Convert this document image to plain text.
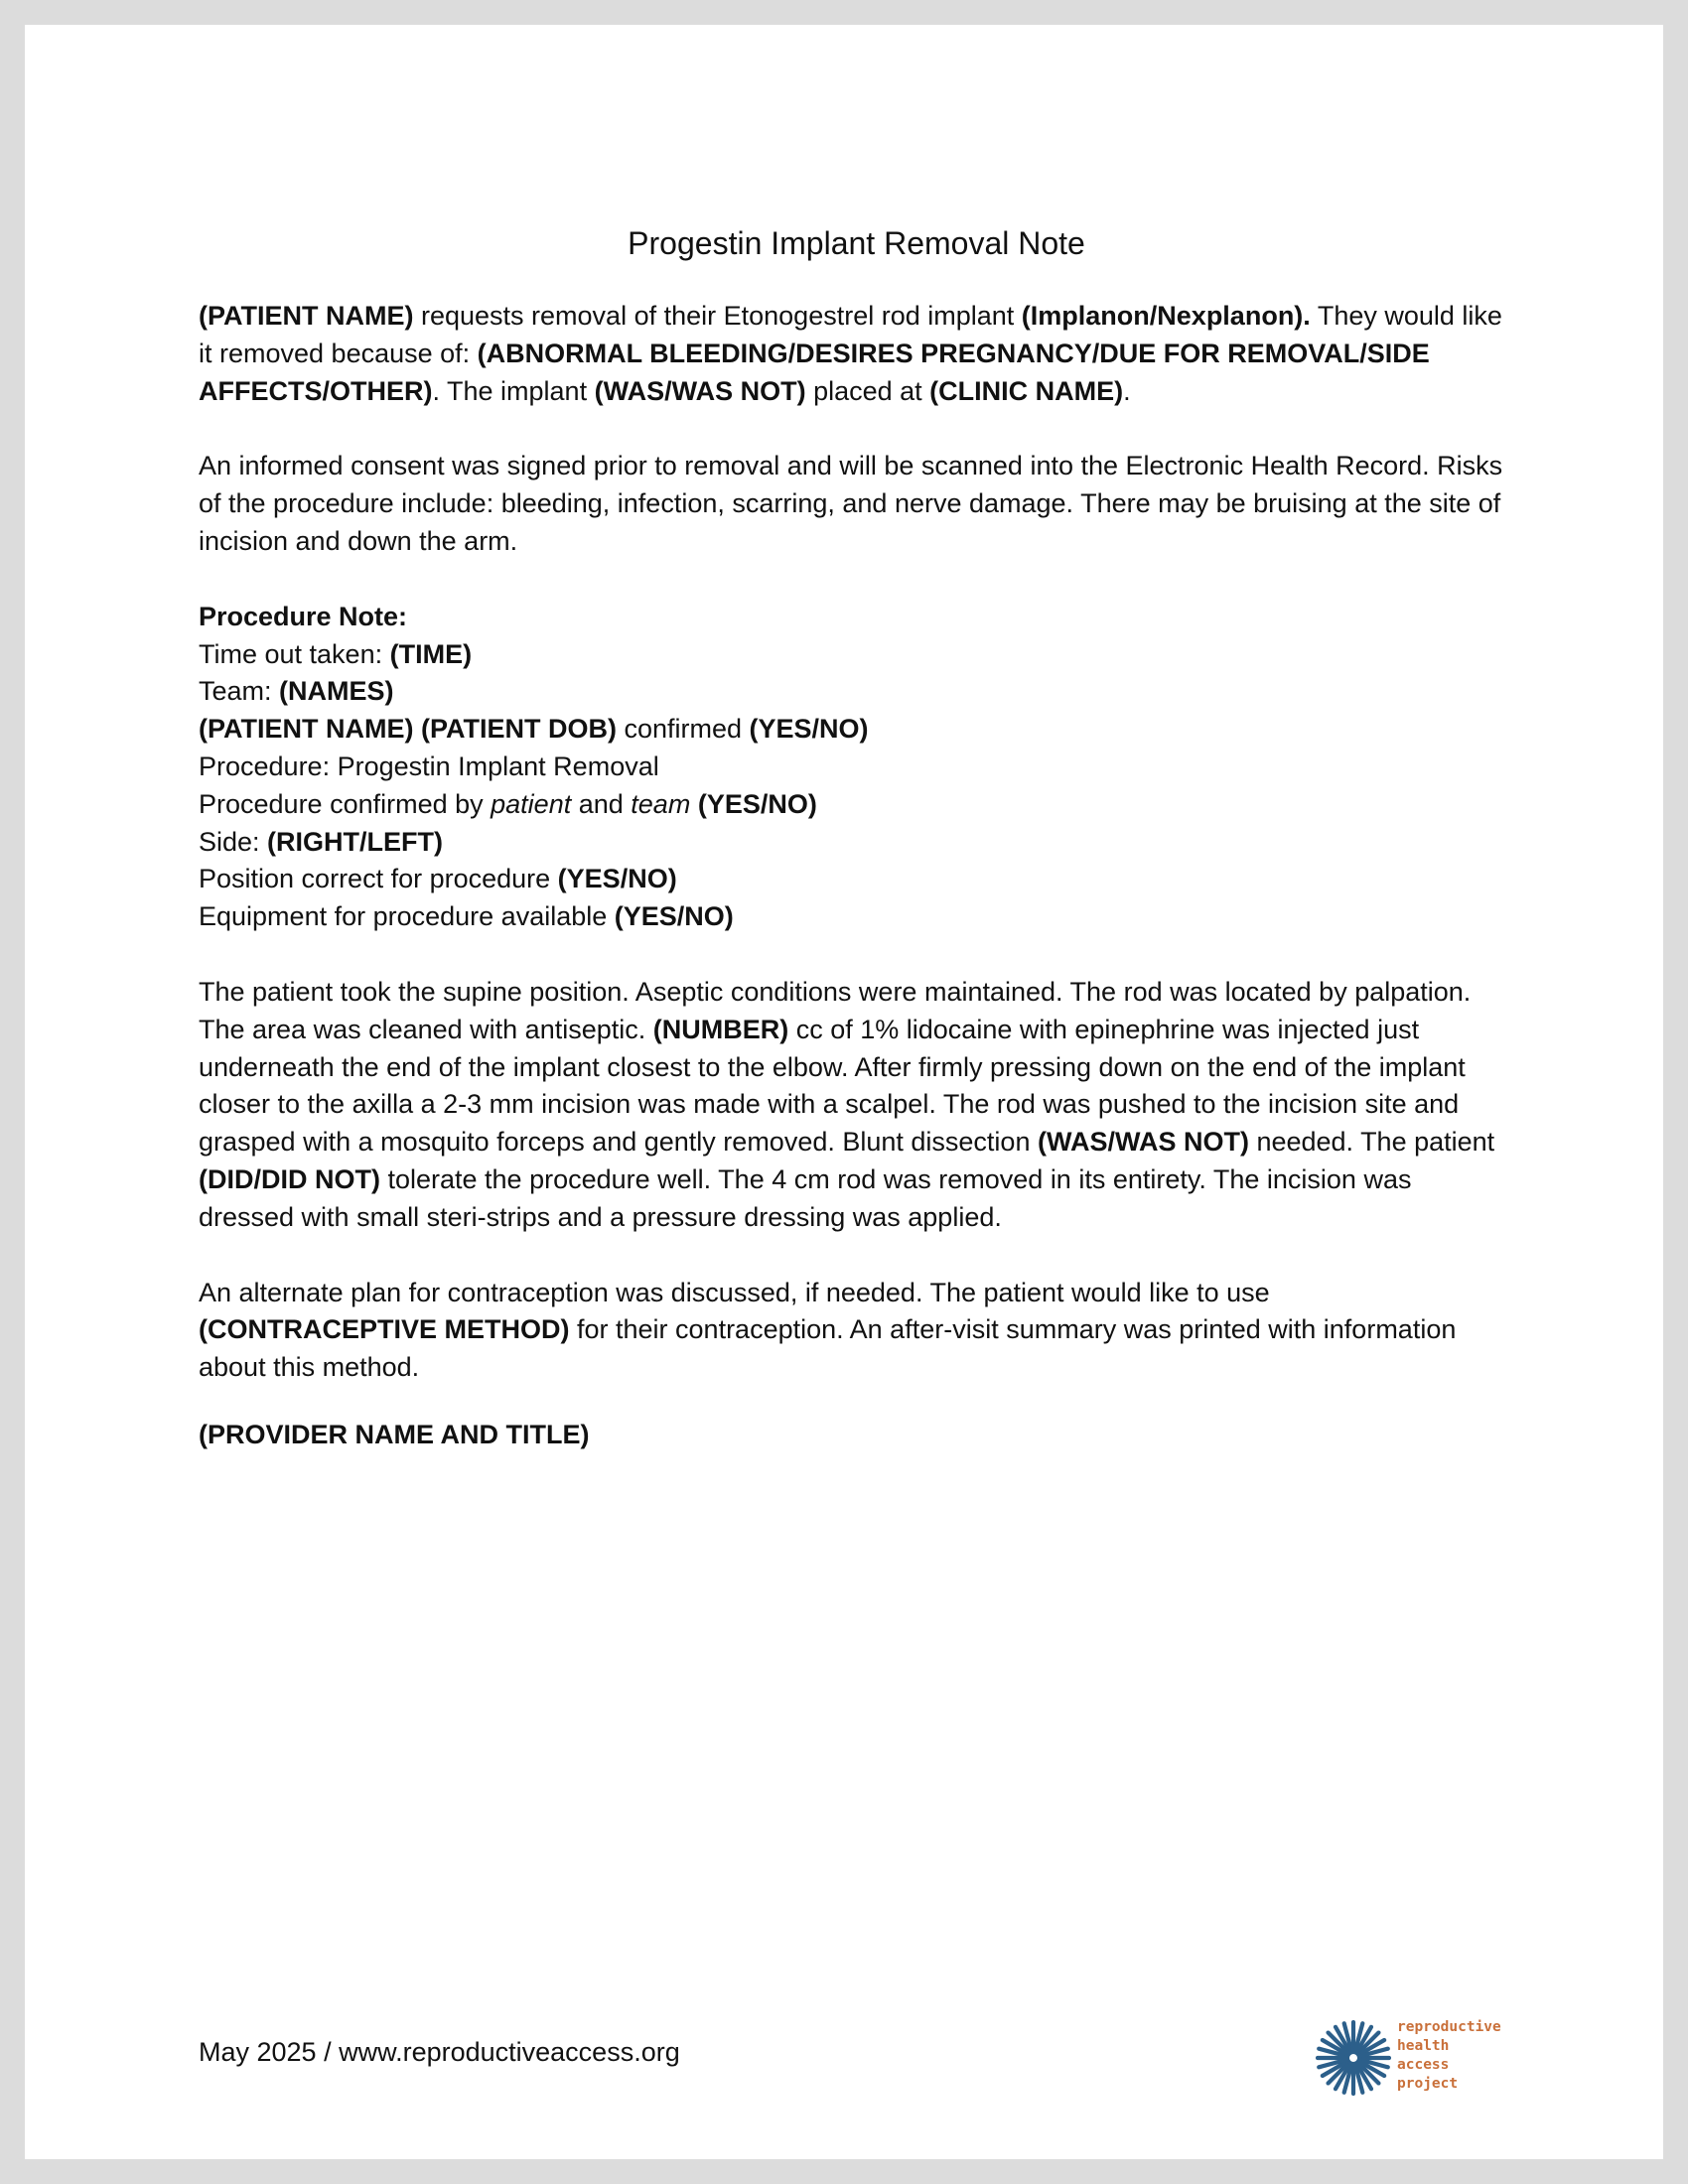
Progestin Implant Removal Note

(PATIENT NAME) requests removal of their Etonogestrel rod implant (Implanon/Nexplanon). They would like it removed because of: (ABNORMAL BLEEDING/DESIRES PREGNANCY/DUE FOR REMOVAL/SIDE AFFECTS/OTHER). The implant (WAS/WAS NOT) placed at (CLINIC NAME).

An informed consent was signed prior to removal and will be scanned into the Electronic Health Record. Risks of the procedure include: bleeding, infection, scarring, and nerve damage. There may be bruising at the site of incision and down the arm.

Procedure Note:
Time out taken: (TIME)
Team: (NAMES)
(PATIENT NAME) (PATIENT DOB) confirmed (YES/NO)
Procedure: Progestin Implant Removal
Procedure confirmed by patient and team (YES/NO)
Side: (RIGHT/LEFT)
Position correct for procedure (YES/NO)
Equipment for procedure available (YES/NO)

The patient took the supine position. Aseptic conditions were maintained. The rod was located by palpation. The area was cleaned with antiseptic. (NUMBER) cc of 1% lidocaine with epinephrine was injected just underneath the end of the implant closest to the elbow. After firmly pressing down on the end of the implant closer to the axilla a 2-3 mm incision was made with a scalpel. The rod was pushed to the incision site and grasped with a mosquito forceps and gently removed. Blunt dissection (WAS/WAS NOT) needed. The patient (DID/DID NOT) tolerate the procedure well. The 4 cm rod was removed in its entirety. The incision was dressed with small steri-strips and a pressure dressing was applied.

An alternate plan for contraception was discussed, if needed. The patient would like to use (CONTRACEPTIVE METHOD) for their contraception. An after-visit summary was printed with information about this method.

(PROVIDER NAME AND TITLE)

May 2025 / www.reproductiveaccess.org
reproductive
health
access
project
